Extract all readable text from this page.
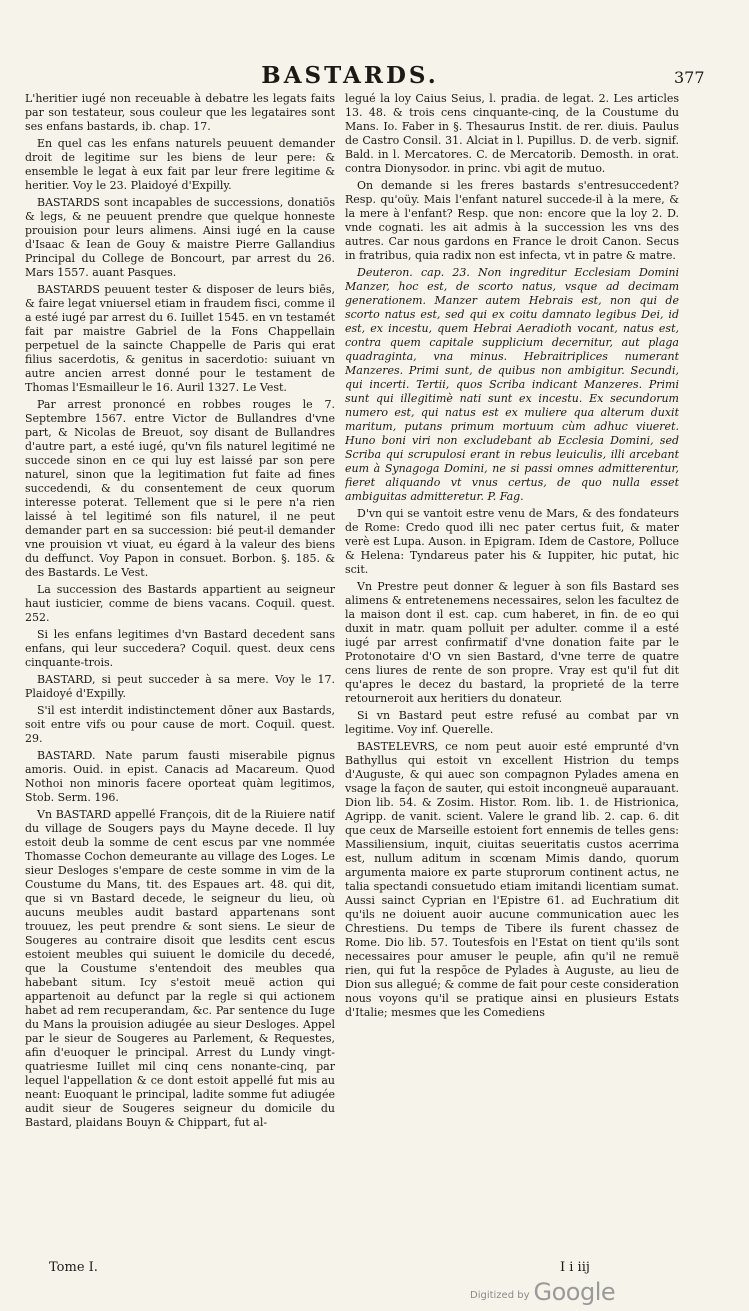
BASTARDS.	377

L'heritier iugé non receuable à debatre les legats faits par son testateur, sous couleur que les legataires sont ses enfans bastards, ib. chap. 17.

En quel cas les enfans naturels peuuent demander droit de legitime sur les biens de leur pere: & ensemble le legat à eux fait par leur frere legitime & heritier. Voy le 23. Plaidoyé d'Expilly.

BASTARDS sont incapables de successions, donatiōs & legs, & ne peuuent prendre que quelque honneste prouision pour leurs alimens. Ainsi iugé en la cause d'Isaac & Iean de Gouy & maistre Pierre Gallandius Principal du College de Boncourt, par arrest du 26. Mars 1557. auant Pasques.

BASTARDS peuuent tester & disposer de leurs biēs, & faire legat vniuersel etiam in fraudem fisci, comme il a esté iugé par arrest du 6. Iuillet 1545. en vn testamét fait par maistre Gabriel de la Fons Chappellain perpetuel de la saincte Chappelle de Paris qui erat filius sacerdotis, & genitus in sacerdotio: suiuant vn autre ancien arrest donné pour le testament de Thomas l'Esmailleur le 16. Auril 1327. Le Vest.

Par arrest prononcé en robbes rouges le 7. Septembre 1567. entre Victor de Bullandres d'vne part, & Nicolas de Breuot, soy disant de Bullandres d'autre part, a esté iugé, qu'vn fils naturel legitimé ne succede sinon en ce qui luy est laissé par son pere naturel, sinon que la legitimation fut faite ad fines succedendi, & du consentement de ceux quorum interesse poterat. Tellement que si le pere n'a rien laissé à tel legitimé son fils naturel, il ne peut demander part en sa succession: bié peut-il demander vne prouision vt viuat, eu égard à la valeur des biens du deffunct. Voy Papon in consuet. Borbon. §. 185. & des Bastards. Le Vest.

La succession des Bastards appartient au seigneur haut iusticier, comme de biens vacans. Coquil. quest. 252.

Si les enfans legitimes d'vn Bastard decedent sans enfans, qui leur succedera? Coquil. quest. deux cens cinquante-trois.

BASTARD, si peut succeder à sa mere. Voy le 17. Plaidoyé d'Expilly.

S'il est interdit indistinctement dōner aux Bastards, soit entre vifs ou pour cause de mort. Coquil. quest. 29.

BASTARD. Nate parum fausti miserabile pignus amoris. Ouid. in epist. Canacis ad Macareum. Quod Nothoi non minoris facere oporteat quàm legitimos, Stob. Serm. 196.

Vn BASTARD appellé François, dit de la Riuiere natif du village de Sougers pays du Mayne decede. Il luy estoit deub la somme de cent escus par vne nommée Thomasse Cochon demeurante au village des Loges. Le sieur Desloges s'empare de ceste somme in vim de la Coustume du Mans, tit. des Espaues art. 48. qui dit, que si vn Bastard decede, le seigneur du lieu, où aucuns meubles audit bastard appartenans sont trouuez, les peut prendre & sont siens. Le sieur de Sougeres au contraire disoit que lesdits cent escus estoient meubles qui suiuent le domicile du decedé, que la Coustume s'entendoit des meubles qua habebant situm. Icy s'estoit meuë action qui appartenoit au defunct par la regle si qui actionem habet ad rem recuperandam, &c. Par sentence du Iuge du Mans la prouision adiugée au sieur Desloges. Appel par le sieur de Sougeres au Parlement, & Requestes, afin d'euoquer le principal. Arrest du Lundy vingt-quatriesme Iuillet mil cinq cens nonante-cinq, par lequel l'appellation & ce dont estoit appellé fut mis au neant: Euoquant le principal, ladite somme fut adiugée audit sieur de Sougeres seigneur du domicile du Bastard, plaidans Bouyn & Chippart, fut al-

legué la loy Caius Seius, l. pradia. de legat. 2. Les articles 13. 48. & trois cens cinquante-cinq, de la Coustume du Mans. Io. Faber in §. Thesaurus Instit. de rer. diuis. Paulus de Castro Consil. 31. Alciat in l. Pupillus. D. de verb. signif. Bald. in l. Mercatores. C. de Mercatorib. Demosth. in orat. contra Dionysodor. in princ. vbi agit de mutuo.

On demande si les freres bastards s'entresuccedent? Resp. qu'oüy. Mais l'enfant naturel succede-il à la mere, & la mere à l'enfant? Resp. que non: encore que la loy 2. D. vnde cognati. les ait admis à la succession les vns des autres. Car nous gardons en France le droit Canon. Secus in fratribus, quia radix non est infecta, vt in patre & matre.

Deuteron. cap. 23. Non ingreditur Ecclesiam Domini Manzer, hoc est, de scorto natus, vsque ad decimam generationem. Manzer autem Hebrais est, non qui de scorto natus est, sed qui ex coitu damnato legibus Dei, id est, ex incestu, quem Hebrai Aeradioth vocant, natus est, contra quem capitale supplicium decernitur, aut plaga quadraginta, vna minus. Hebraitriplices numerant Manzeres. Primi sunt, de quibus non ambigitur. Secundi, qui incerti. Tertii, quos Scriba indicant Manzeres. Primi sunt qui illegitimè nati sunt ex incestu. Ex secundorum numero est, qui natus est ex muliere qua alterum duxit maritum, putans primum mortuum cùm adhuc viueret. Huno boni viri non excludebant ab Ecclesia Domini, sed Scriba qui scrupulosi erant in rebus leuiculis, illi arcebant eum à Synagoga Domini, ne si passi omnes admitterentur, fieret aliquando vt vnus certus, de quo nulla esset ambiguitas admitteretur. P. Fag.

D'vn qui se vantoit estre venu de Mars, & des fondateurs de Rome: Credo quod illi nec pater certus fuit, & mater verè est Lupa. Auson. in Epigram. Idem de Castore, Polluce & Helena: Tyndareus pater his & Iuppiter, hic putat, hic scit.

Vn Prestre peut donner & leguer à son fils Bastard ses alimens & entretenemens necessaires, selon les facultez de la maison dont il est. cap. cum haberet, in fin. de eo qui duxit in matr. quam polluit per adulter. comme il a esté iugé par arrest confirmatif d'vne donation faite par le Protonotaire d'O vn sien Bastard, d'vne terre de quatre cens liures de rente de son propre. Vray est qu'il fut dit qu'apres le decez du bastard, la proprieté de la terre retourneroit aux heritiers du donateur.

Si vn Bastard peut estre refusé au combat par vn legitime. Voy inf. Querelle.

BASTELEVRS, ce nom peut auoir esté emprunté d'vn Bathyllus qui estoit vn excellent Histrion du temps d'Auguste, & qui auec son compagnon Pylades amena en vsage la façon de sauter, qui estoit incongneuë auparauant. Dion lib. 54. & Zosim. Histor. Rom. lib. 1. de Histrionica, Agripp. de vanit. scient. Valere le grand lib. 2. cap. 6. dit que ceux de Marseille estoient fort ennemis de telles gens: Massiliensium, inquit, ciuitas seueritatis custos acerrima est, nullum aditum in scœnam Mimis dando, quorum argumenta maiore ex parte stuprorum continent actus, ne talia spectandi consuetudo etiam imitandi licentiam sumat. Aussi sainct Cyprian en l'Epistre 61. ad Euchratium dit qu'ils ne doiuent auoir aucune communication auec les Chrestiens. Du temps de Tibere ils furent chassez de Rome. Dio lib. 57. Toutesfois en l'Estat on tient qu'ils sont necessaires pour amuser le peuple, afin qu'il ne remuë rien, qui fut la respōce de Pylades à Auguste, au lieu de Dion sus allegué; & comme de fait pour ceste consideration nous voyons qu'il se pratique ainsi en plusieurs Estats d'Italie; mesmes que les Comediens

Tome I.	I i iij
Digitized by Google
